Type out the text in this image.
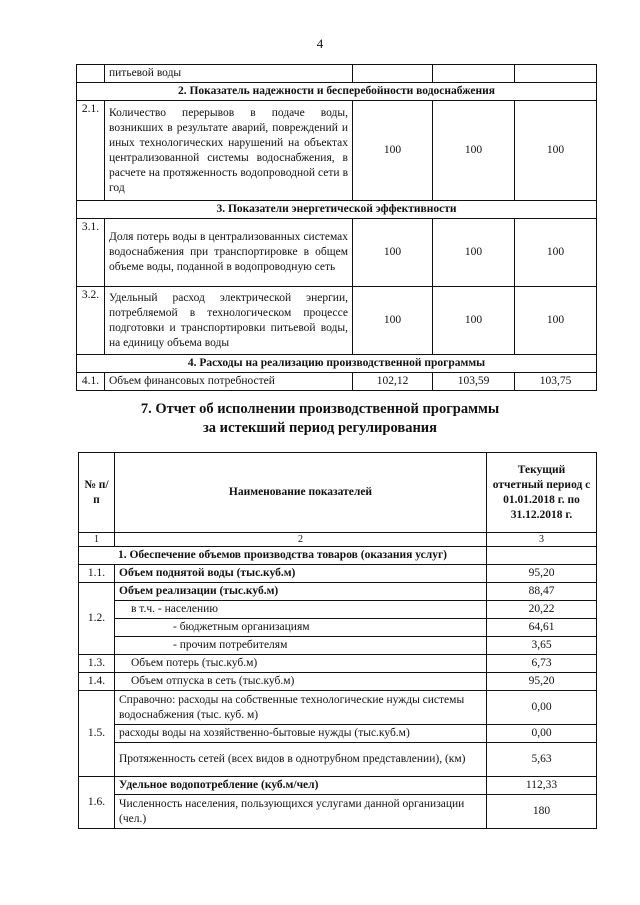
4
	питьевой воды			
2. Показатель надежности и бесперебойности водоснабжения				
2.1.	Количество перерывов в подаче воды, возникших в результате аварий, повреждений и иных технологических нарушений на объектах централизованной системы водоснабжения, в расчете на протяженность водопроводной сети в год	100	100	100
3. Показатели энергетической эффективности				
3.1.	Доля потерь воды в централизованных системах водоснабжения при транспортировке в общем объеме воды, поданной в водопроводную сеть	100	100	100
3.2.	Удельный расход электрической энергии, потребляемой в технологическом процессе подготовки и транспортировки питьевой воды, на единицу объема воды	100	100	100
4. Расходы на реализацию производственной программы				
4.1.	Объем финансовых потребностей	102,12	103,59	103,75
7. Отчет об исполнении производственной программы
за истекший период регулирования
№ п/п	Наименование показателей	Текущий отчетный период с 01.01.2018 г. по 31.12.2018 г.
1	2	3
1. Обеспечение объемов производства товаров (оказания услуг)		
1.1.	Объем поднятой воды (тыс.куб.м)	95,20
1.2.	Объем реализации (тыс.куб.м)	88,47
	в т.ч. - населению	20,22
	- бюджетным организациям	64,61
	- прочим потребителям	3,65
1.3.	Объем потерь (тыс.куб.м)	6,73
1.4.	Объем отпуска в сеть (тыс.куб.м)	95,20
1.5.	Справочно: расходы на собственные технологические нужды системы водоснабжения (тыс. куб. м)	0,00
	расходы воды на хозяйственно-бытовые нужды (тыс.куб.м)	0,00
	Протяженность сетей (всех видов в однотрубном представлении), (км)	5,63
1.6.	Удельное водопотребление (куб.м/чел)	112,33
	Численность населения, пользующихся услугами данной организации (чел.)	180
